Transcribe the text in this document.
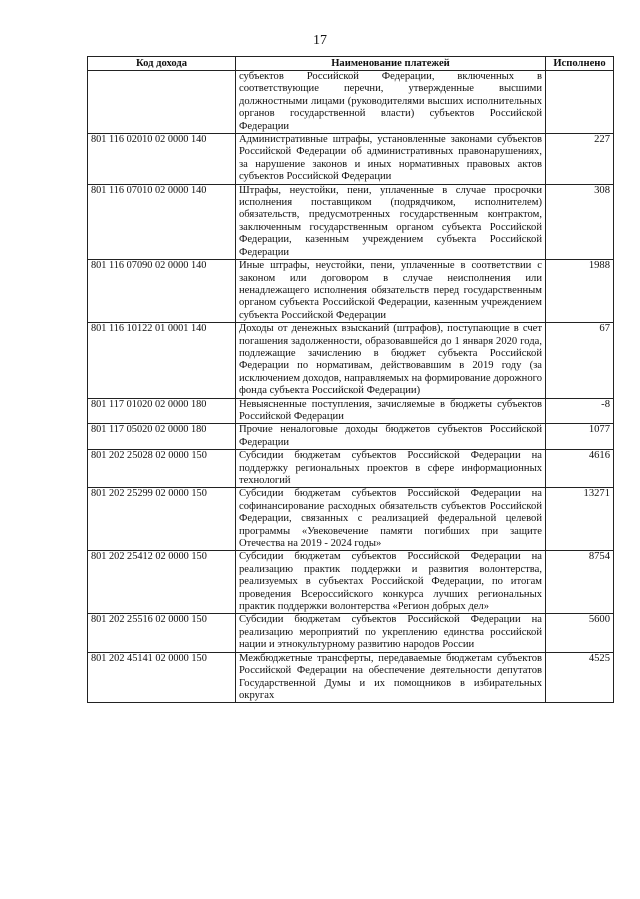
17
Код дохода	Наименование платежей	Исполнено
	субъектов Российской Федерации, включенных в соответствующие перечни, утвержденные высшими должностными лицами (руководителями высших исполнительных органов государственной власти) субъектов Российской Федерации	
801 116 02010 02 0000 140	Административные штрафы, установленные законами субъектов Российской Федерации об административных правонарушениях, за нарушение законов и иных нормативных правовых актов субъектов Российской Федерации	227
801 116 07010 02 0000 140	Штрафы, неустойки, пени, уплаченные в случае просрочки исполнения поставщиком (подрядчиком, исполнителем) обязательств, предусмотренных государственным контрактом, заключенным государственным органом субъекта Российской Федерации, казенным учреждением субъекта Российской Федерации	308
801 116 07090 02 0000 140	Иные штрафы, неустойки, пени, уплаченные в соответствии с законом или договором в случае неисполнения или ненадлежащего исполнения обязательств перед государственным органом субъекта Российской Федерации, казенным учреждением субъекта Российской Федерации	1988
801 116 10122 01 0001 140	Доходы от денежных взысканий (штрафов), поступающие в счет погашения задолженности, образовавшейся до 1 января 2020 года, подлежащие зачислению в бюджет субъекта Российской Федерации по нормативам, действовавшим в 2019 году (за исключением доходов, направляемых на формирование дорожного фонда субъекта Российской Федерации)	67
801 117 01020 02 0000 180	Невыясненные поступления, зачисляемые в бюджеты субъектов Российской Федерации	-8
801 117 05020 02 0000 180	Прочие неналоговые доходы бюджетов субъектов Российской Федерации	1077
801 202 25028 02 0000 150	Субсидии бюджетам субъектов Российской Федерации на поддержку региональных проектов в сфере информационных технологий	4616
801 202 25299 02 0000 150	Субсидии бюджетам субъектов Российской Федерации на софинансирование расходных обязательств субъектов Российской Федерации, связанных с реализацией федеральной целевой программы «Увековечение памяти погибших при защите Отечества на 2019 - 2024 годы»	13271
801 202 25412 02 0000 150	Субсидии бюджетам субъектов Российской Федерации на реализацию практик поддержки и развития волонтерства, реализуемых в субъектах Российской Федерации, по итогам проведения Всероссийского конкурса лучших региональных практик поддержки волонтерства «Регион добрых дел»	8754
801 202 25516 02 0000 150	Субсидии бюджетам субъектов Российской Федерации на реализацию мероприятий по укреплению единства российской нации и этнокультурному развитию народов России	5600
801 202 45141 02 0000 150	Межбюджетные трансферты, передаваемые бюджетам субъектов Российской Федерации на обеспечение деятельности депутатов Государственной Думы и их помощников в избирательных округах	4525
